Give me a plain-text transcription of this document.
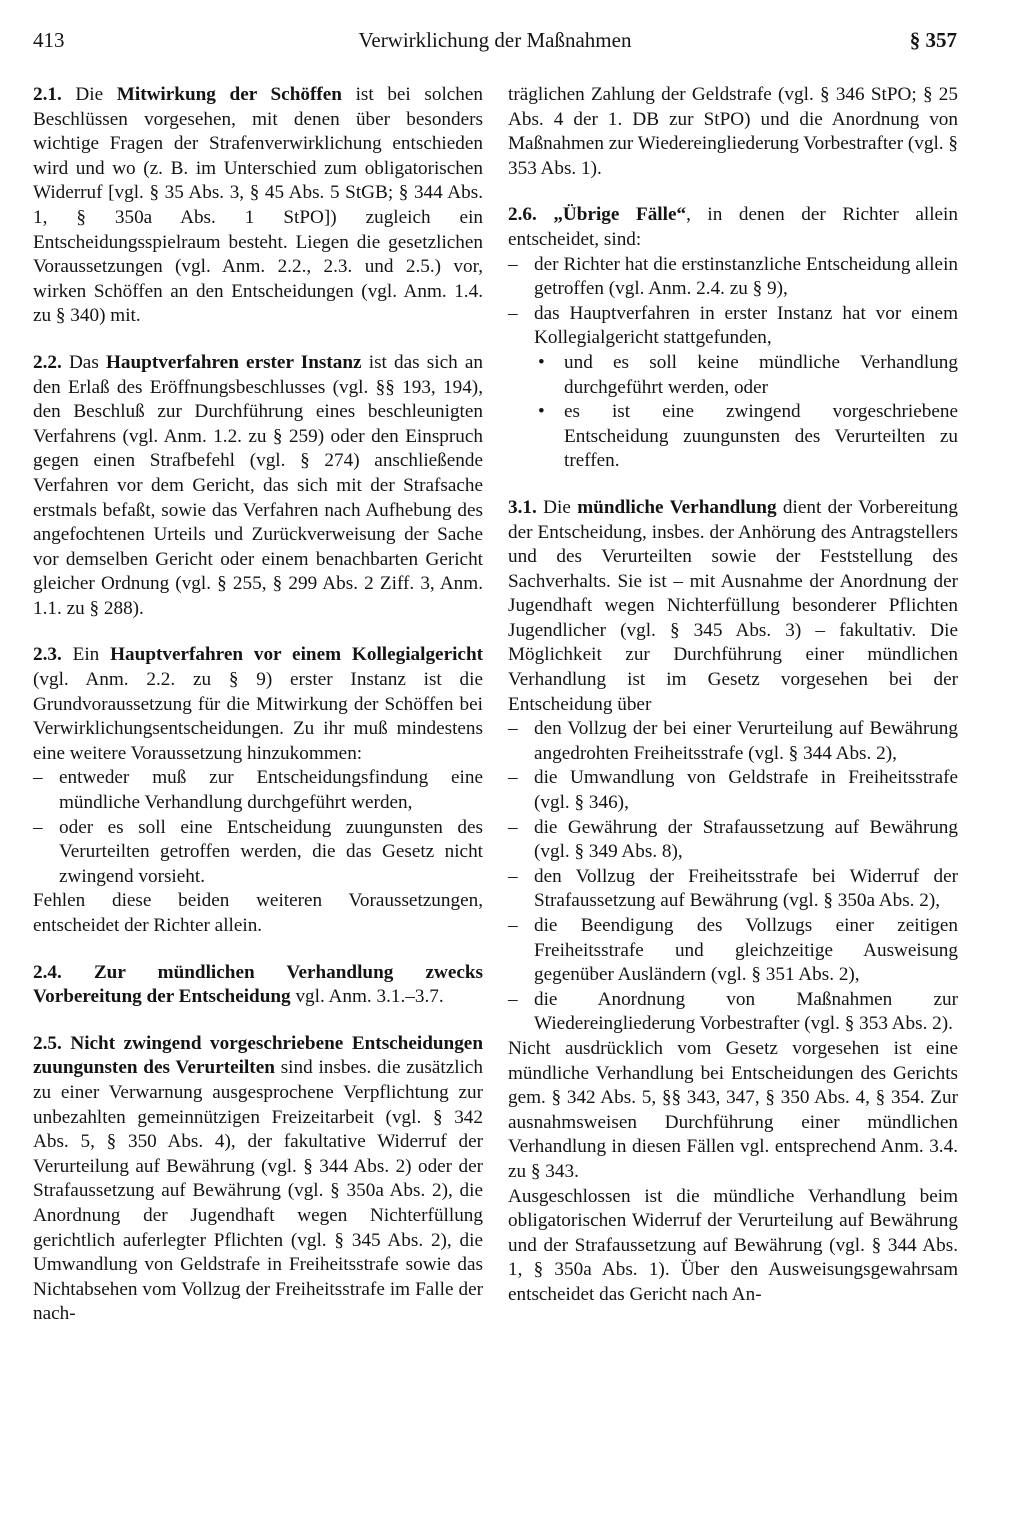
413	Verwirklichung der Maßnahmen	§ 357

2.1. Die Mitwirkung der Schöffen ist bei solchen Beschlüssen vorgesehen, mit denen über besonders wichtige Fragen der Strafenverwirklichung entschieden wird und wo (z. B. im Unterschied zum obligatorischen Widerruf [vgl. § 35 Abs. 3, § 45 Abs. 5 StGB; § 344 Abs. 1, § 350a Abs. 1 StPO]) zugleich ein Entscheidungsspielraum besteht. Liegen die gesetzlichen Voraussetzungen (vgl. Anm. 2.2., 2.3. und 2.5.) vor, wirken Schöffen an den Entscheidungen (vgl. Anm. 1.4. zu § 340) mit.

2.2. Das Hauptverfahren erster Instanz ist das sich an den Erlaß des Eröffnungsbeschlusses (vgl. §§ 193, 194), den Beschluß zur Durchführung eines beschleunigten Verfahrens (vgl. Anm. 1.2. zu § 259) oder den Einspruch gegen einen Strafbefehl (vgl. § 274) anschließende Verfahren vor dem Gericht, das sich mit der Strafsache erstmals befaßt, sowie das Verfahren nach Aufhebung des angefochtenen Urteils und Zurückverweisung der Sache vor demselben Gericht oder einem benachbarten Gericht gleicher Ordnung (vgl. § 255, § 299 Abs. 2 Ziff. 3, Anm. 1.1. zu § 288).

2.3. Ein Hauptverfahren vor einem Kollegialgericht (vgl. Anm. 2.2. zu § 9) erster Instanz ist die Grundvoraussetzung für die Mitwirkung der Schöffen bei Verwirklichungsentscheidungen. Zu ihr muß mindestens eine weitere Voraussetzung hinzukommen:

– entweder muß zur Entscheidungsfindung eine mündliche Verhandlung durchgeführt werden,
– oder es soll eine Entscheidung zuungunsten des Verurteilten getroffen werden, die das Gesetz nicht zwingend vorsieht.

Fehlen diese beiden weiteren Voraussetzungen, entscheidet der Richter allein.

2.4. Zur mündlichen Verhandlung zwecks Vorbereitung der Entscheidung vgl. Anm. 3.1.–3.7.

2.5. Nicht zwingend vorgeschriebene Entscheidungen zuungunsten des Verurteilten sind insbes. die zusätzlich zu einer Verwarnung ausgesprochene Verpflichtung zur unbezahlten gemeinnützigen Freizeitarbeit (vgl. § 342 Abs. 5, § 350 Abs. 4), der fakultative Widerruf der Verurteilung auf Bewährung (vgl. § 344 Abs. 2) oder der Strafaussetzung auf Bewährung (vgl. § 350a Abs. 2), die Anordnung der Jugendhaft wegen Nichterfüllung gerichtlich auferlegter Pflichten (vgl. § 345 Abs. 2), die Umwandlung von Geldstrafe in Freiheitsstrafe sowie das Nichtabsehen vom Vollzug der Freiheitsstrafe im Falle der nach-

träglichen Zahlung der Geldstrafe (vgl. § 346 StPO; § 25 Abs. 4 der 1. DB zur StPO) und die Anordnung von Maßnahmen zur Wiedereingliederung Vorbestrafter (vgl. § 353 Abs. 1).

2.6. „Übrige Fälle“, in denen der Richter allein entscheidet, sind:

– der Richter hat die erstinstanzliche Entscheidung allein getroffen (vgl. Anm. 2.4. zu § 9),
– das Hauptverfahren in erster Instanz hat vor einem Kollegialgericht stattgefunden,
• und es soll keine mündliche Verhandlung durchgeführt werden, oder
• es ist eine zwingend vorgeschriebene Entscheidung zuungunsten des Verurteilten zu treffen.

3.1. Die mündliche Verhandlung dient der Vorbereitung der Entscheidung, insbes. der Anhörung des Antragstellers und des Verurteilten sowie der Feststellung des Sachverhalts. Sie ist – mit Ausnahme der Anordnung der Jugendhaft wegen Nichterfüllung besonderer Pflichten Jugendlicher (vgl. § 345 Abs. 3) – fakultativ. Die Möglichkeit zur Durchführung einer mündlichen Verhandlung ist im Gesetz vorgesehen bei der Entscheidung über

– den Vollzug der bei einer Verurteilung auf Bewährung angedrohten Freiheitsstrafe (vgl. § 344 Abs. 2),
– die Umwandlung von Geldstrafe in Freiheitsstrafe (vgl. § 346),
– die Gewährung der Strafaussetzung auf Bewährung (vgl. § 349 Abs. 8),
– den Vollzug der Freiheitsstrafe bei Widerruf der Strafaussetzung auf Bewährung (vgl. § 350a Abs. 2),
– die Beendigung des Vollzugs einer zeitigen Freiheitsstrafe und gleichzeitige Ausweisung gegenüber Ausländern (vgl. § 351 Abs. 2),
– die Anordnung von Maßnahmen zur Wiedereingliederung Vorbestrafter (vgl. § 353 Abs. 2).

Nicht ausdrücklich vom Gesetz vorgesehen ist eine mündliche Verhandlung bei Entscheidungen des Gerichts gem. § 342 Abs. 5, §§ 343, 347, § 350 Abs. 4, § 354. Zur ausnahmsweisen Durchführung einer mündlichen Verhandlung in diesen Fällen vgl. entsprechend Anm. 3.4. zu § 343.

Ausgeschlossen ist die mündliche Verhandlung beim obligatorischen Widerruf der Verurteilung auf Bewährung und der Strafaussetzung auf Bewährung (vgl. § 344 Abs. 1, § 350a Abs. 1). Über den Ausweisungsgewahrsam entscheidet das Gericht nach An-
